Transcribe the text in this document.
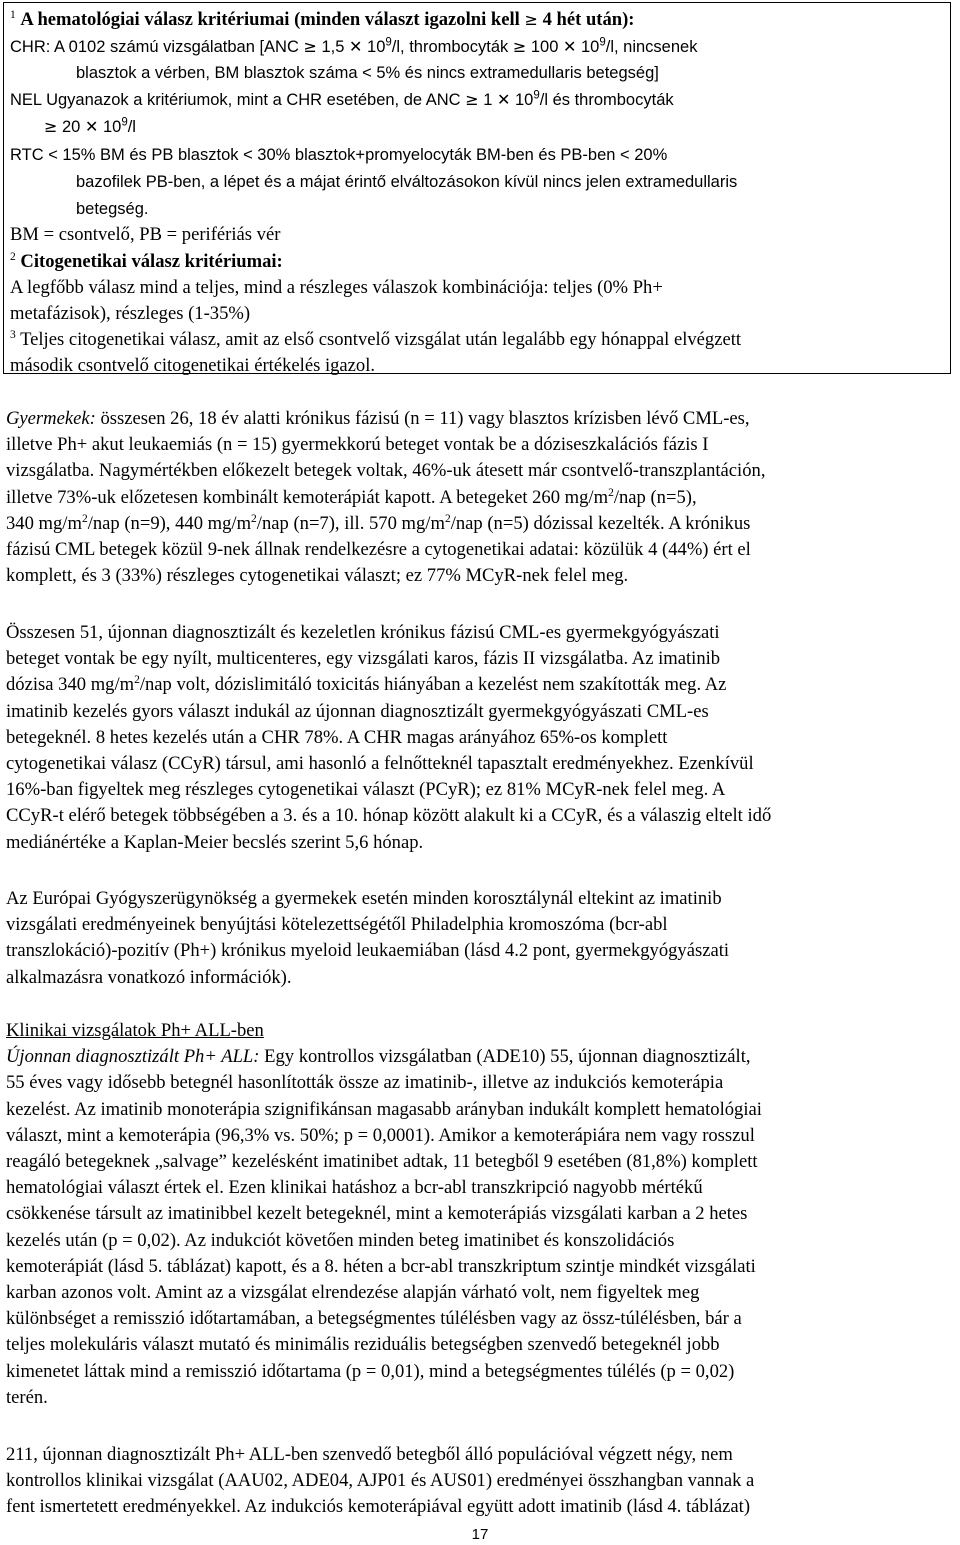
$^1$ A hematológiai válasz kritériumai (minden választ igazolni kell ≥ 4 hét után):
CHR: A 0102 számú vizsgálatban [ANC ≥ 1,5 ✕ $10^9/l$, thrombocyták ≥ 100 ✕ $10^9/l$, nincsenek
blasztok a vérben, BM blasztok száma < 5% és nincs extramedullaris betegség]
NEL Ugyanazok a kritériumok, mint a CHR esetében, de ANC ≥ 1 ✕ $10^9/l$ és thrombocyták
≥ 20 ✕ $10^9/l$
RTC < 15% BM és PB blasztok < 30% blasztok+promyelocyták BM-ben és PB-ben < 20%
bazofilek PB-ben, a lépet és a májat érintő elváltozásokon kívül nincs jelen extramedullaris
betegség.
BM = csontvelő, PB = perifériás vér
$^2$ Citogenetikai válasz kritériumai:
A legfőbb válasz mind a teljes, mind a részleges válaszok kombinációja: teljes (0% Ph+
metafázisok), részleges (1-35%)
$^3$ Teljes citogenetikai válasz, amit az első csontvelő vizsgálat után legalább egy hónappal elvégzett
második csontvelő citogenetikai értékelés igazol.

Gyermekek: összesen 26, 18 év alatti krónikus fázisú (n = 11) vagy blasztos krízisben lévő CML-es,
illetve Ph+ akut leukaemiás (n = 15) gyermekkorú beteget vontak be a dóziseszkalációs fázis I
vizsgálatba. Nagymértékben előkezelt betegek voltak, 46%-uk átesett már csontvelő-transzplantáción,
illetve 73%-uk előzetesen kombinált kemoterápiát kapott. A betegeket 260 $mg/m^2$/nap (n=5),
340 $mg/m^2$/nap (n=9), 440 $mg/m^2$/nap (n=7), ill. 570 $mg/m^2$/nap (n=5) dózissal kezelték. A krónikus
fázisú CML betegek közül 9-nek állnak rendelkezésre a cytogenetikai adatai: közülük 4 (44%) ért el
komplett, és 3 (33%) részleges cytogenetikai választ; ez 77% MCyR-nek felel meg.

Összesen 51, újonnan diagnosztizált és kezeletlen krónikus fázisú CML-es gyermekgyógyászati
beteget vontak be egy nyílt, multicenteres, egy vizsgálati karos, fázis II vizsgálatba. Az imatinib
dózisa 340 $mg/m^2$/nap volt, dózislimitáló toxicitás hiányában a kezelést nem szakították meg. Az
imatinib kezelés gyors választ indukál az újonnan diagnosztizált gyermekgyógyászati CML-es
betegeknél. 8 hetes kezelés után a CHR 78%. A CHR magas arányához 65%-os komplett
cytogenetikai válasz (CCyR) társul, ami hasonló a felnőtteknél tapasztalt eredményekhez. Ezenkívül
16%-ban figyeltek meg részleges cytogenetikai választ (PCyR); ez 81% MCyR-nek felel meg. A
CCyR-t elérő betegek többségében a 3. és a 10. hónap között alakult ki a CCyR, és a válaszig eltelt idő
mediánértéke a Kaplan-Meier becslés szerint 5,6 hónap.

Az Európai Gyógyszerügynökség a gyermekek esetén minden korosztálynál eltekint az imatinib
vizsgálati eredményeinek benyújtási kötelezettségétől Philadelphia kromoszóma (bcr-abl
transzlokáció)-pozitív (Ph+) krónikus myeloid leukaemiában (lásd 4.2 pont, gyermekgyógyászati
alkalmazásra vonatkozó információk).

Klinikai vizsgálatok Ph+ ALL-ben
Újonnan diagnosztizált Ph+ ALL: Egy kontrollos vizsgálatban (ADE10) 55, újonnan diagnosztizált,
55 éves vagy idősebb betegnél hasonlították össze az imatinib-, illetve az indukciós kemoterápia
kezelést. Az imatinib monoterápia szignifikánsan magasabb arányban indukált komplett hematológiai
választ, mint a kemoterápia (96,3% vs. 50%; p = 0,0001). Amikor a kemoterápiára nem vagy rosszul
reagáló betegeknek „salvage” kezelésként imatinibet adtak, 11 betegből 9 esetében (81,8%) komplett
hematológiai választ értek el. Ezen klinikai hatáshoz a bcr-abl transzkripció nagyobb mértékű
csökkenése társult az imatinibbel kezelt betegeknél, mint a kemoterápiás vizsgálati karban a 2 hetes
kezelés után (p = 0,02). Az indukciót követően minden beteg imatinibet és konszolidációs
kemoterápiát (lásd 5. táblázat) kapott, és a 8. héten a bcr-abl transzkriptum szintje mindkét vizsgálati
karban azonos volt. Amint az a vizsgálat elrendezése alapján várható volt, nem figyeltek meg
különbséget a remisszió időtartamában, a betegségmentes túlélésben vagy az össz-túlélésben, bár a
teljes molekuláris választ mutató és minimális reziduális betegségben szenvedő betegeknél jobb
kimenetet láttak mind a remisszió időtartama (p = 0,01), mind a betegségmentes túlélés (p = 0,02)
terén.

211, újonnan diagnosztizált Ph+ ALL-ben szenvedő betegből álló populációval végzett négy, nem
kontrollos klinikai vizsgálat (AAU02, ADE04, AJP01 és AUS01) eredményei összhangban vannak a
fent ismertetett eredményekkel. Az indukciós kemoterápiával együtt adott imatinib (lásd 4. táblázat)

17
